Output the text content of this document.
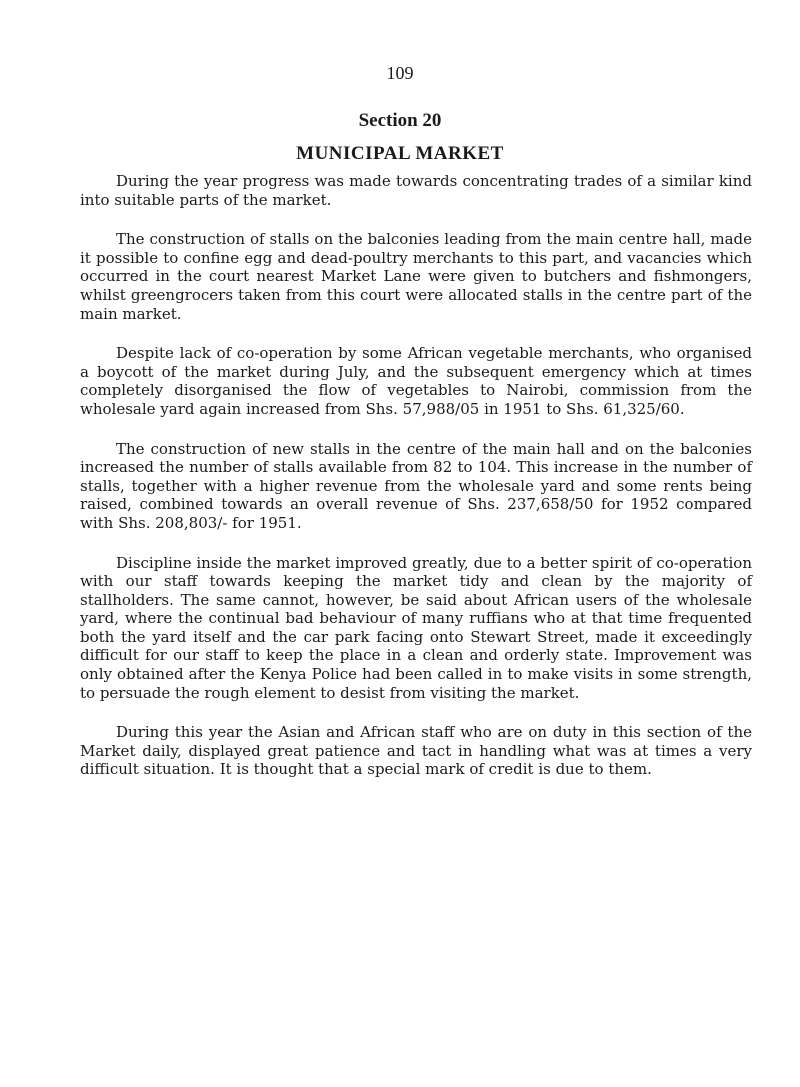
109
Section 20
MUNICIPAL MARKET

During the year progress was made towards concentrating trades of a similar kind into suitable parts of the market.

The construction of stalls on the balconies leading from the main centre hall, made it possible to confine egg and dead-poultry merchants to this part, and vacancies which occurred in the court nearest Market Lane were given to butchers and fishmongers, whilst greengrocers taken from this court were allocated stalls in the centre part of the main market.

Despite lack of co-operation by some African vegetable merchants, who organised a boycott of the market during July, and the subsequent emergency which at times completely disorganised the flow of vegetables to Nairobi, commission from the wholesale yard again increased from Shs. 57,988/05 in 1951 to Shs. 61,325/60.

The construction of new stalls in the centre of the main hall and on the balconies increased the number of stalls available from 82 to 104. This increase in the number of stalls, together with a higher revenue from the wholesale yard and some rents being raised, combined towards an overall revenue of Shs. 237,658/50 for 1952 compared with Shs. 208,803/- for 1951.

Discipline inside the market improved greatly, due to a better spirit of co-operation with our staff towards keeping the market tidy and clean by the majority of stallholders. The same cannot, however, be said about African users of the wholesale yard, where the continual bad behaviour of many ruffians who at that time frequented both the yard itself and the car park facing onto Stewart Street, made it exceedingly difficult for our staff to keep the place in a clean and orderly state. Improvement was only obtained after the Kenya Police had been called in to make visits in some strength, to persuade the rough element to desist from visiting the market.

During this year the Asian and African staff who are on duty in this section of the Market daily, displayed great patience and tact in handling what was at times a very difficult situation. It is thought that a special mark of credit is due to them.
